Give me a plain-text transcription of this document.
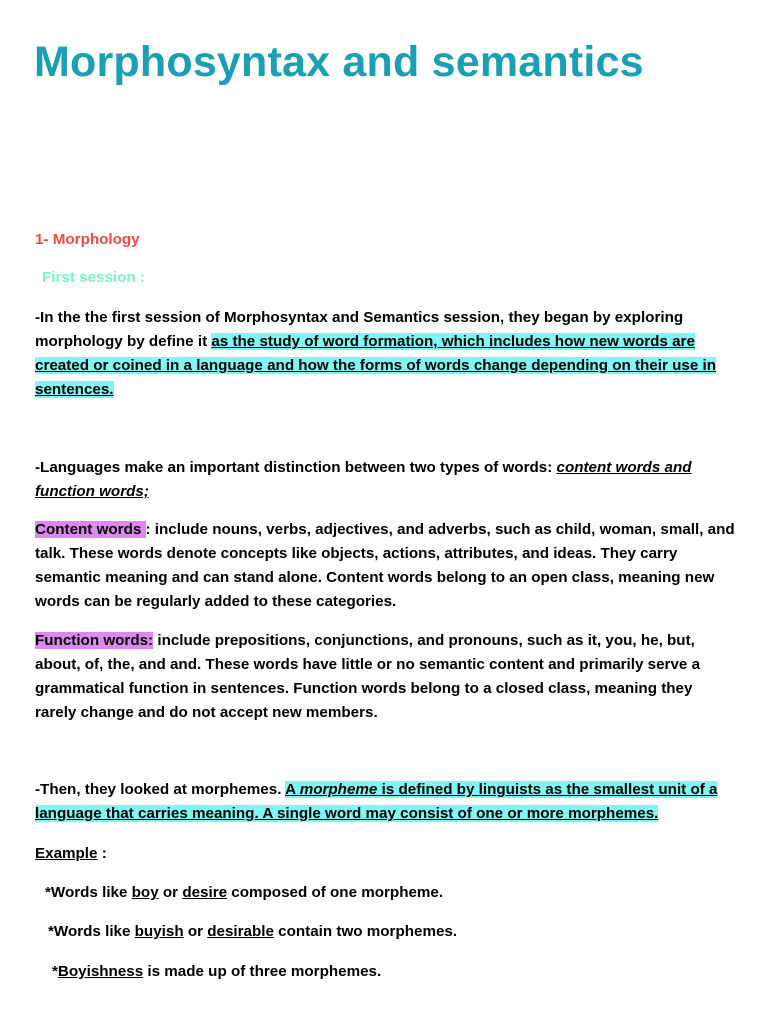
Morphosyntax and semantics

1- Morphology

First session :

-In the the first session of Morphosyntax and Semantics session, they began by exploring morphology by define it as the study of word formation, which includes how new words are created or coined in a language and how the forms of words change depending on their use in sentences.

-Languages make an important distinction between two types of words: content words and function words;

Content words : include nouns, verbs, adjectives, and adverbs, such as child, woman, small, and talk. These words denote concepts like objects, actions, attributes, and ideas. They carry semantic meaning and can stand alone. Content words belong to an open class, meaning new words can be regularly added to these categories.

Function words: include prepositions, conjunctions, and pronouns, such as it, you, he, but, about, of, the, and and. These words have little or no semantic content and primarily serve a grammatical function in sentences. Function words belong to a closed class, meaning they rarely change and do not accept new members.

-Then, they looked at morphemes. A morpheme is defined by linguists as the smallest unit of a language that carries meaning. A single word may consist of one or more morphemes.

Example :

*Words like boy or desire composed of one morpheme.

*Words like buyish or desirable contain two morphemes.

*Boyishness is made up of three morphemes.
